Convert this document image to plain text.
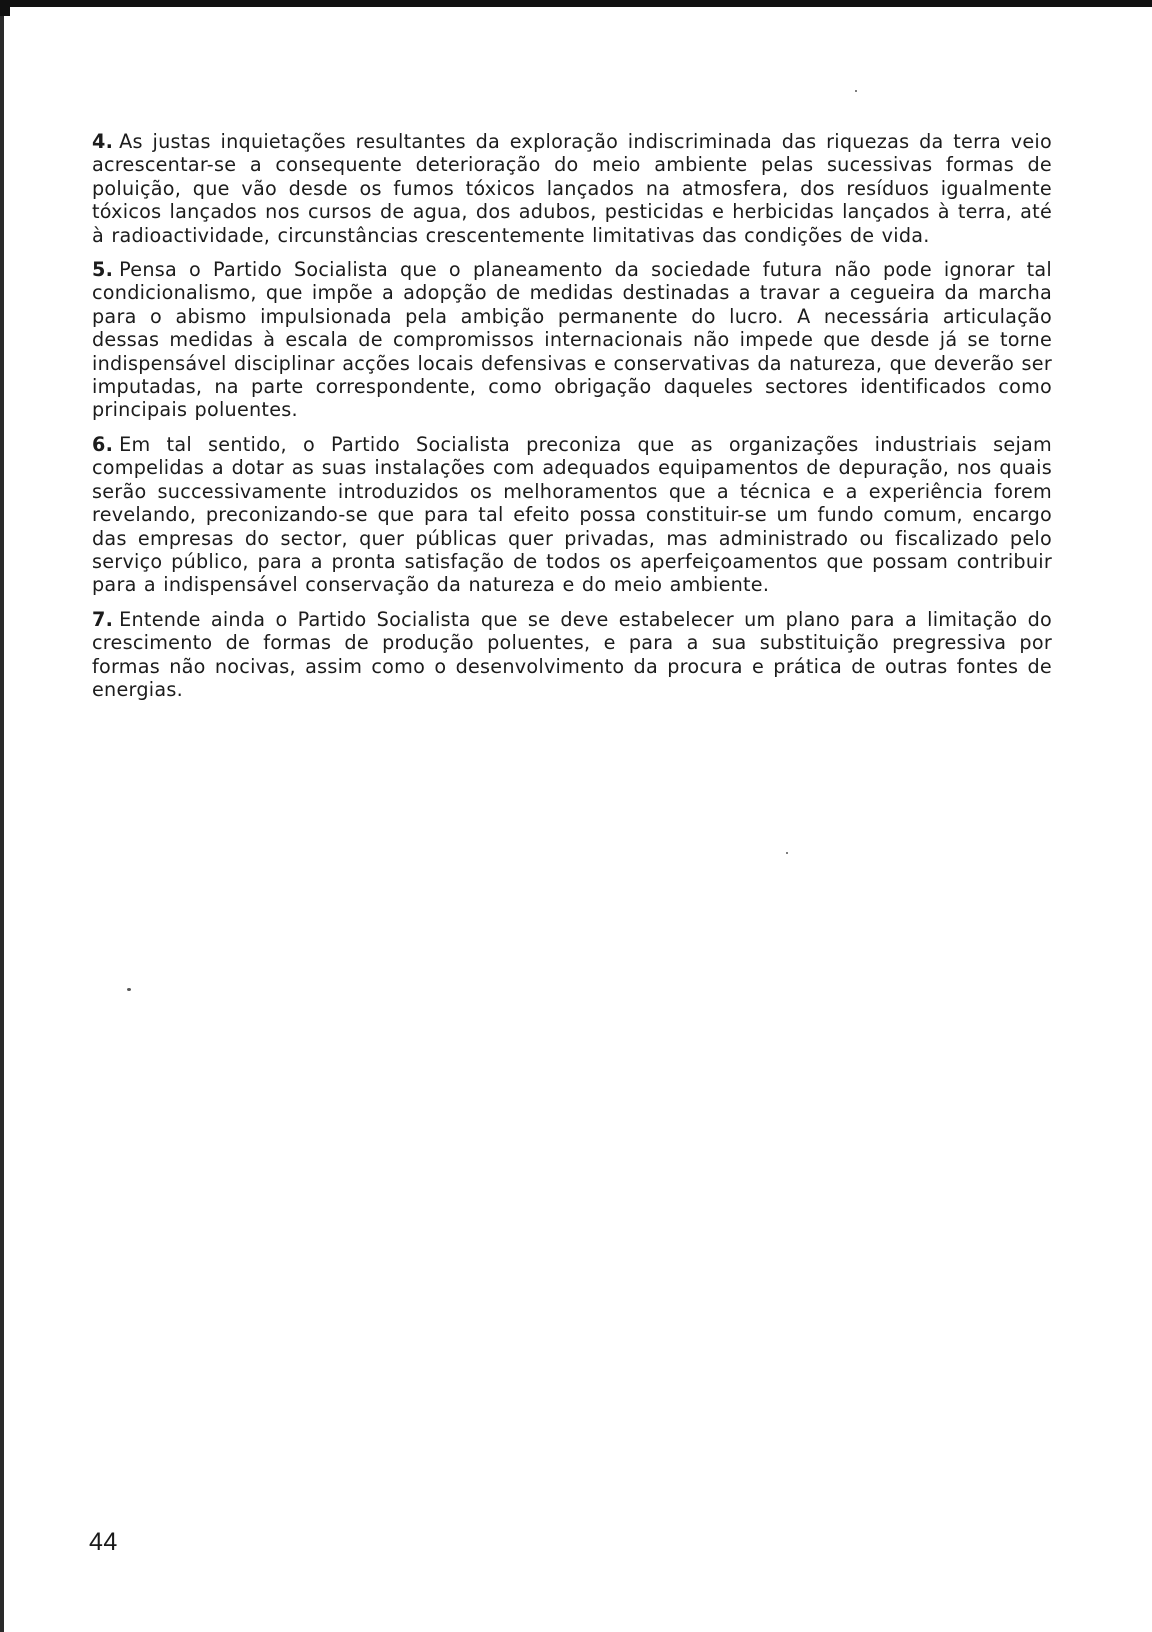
4. As justas inquietações resultantes da exploração indiscriminada das riquezas da terra veio acrescentar-se a consequente deterioração do meio ambiente pelas sucessivas formas de poluição, que vão desde os fumos tóxicos lançados na atmosfera, dos resíduos igualmente tóxicos lançados nos cursos de agua, dos adubos, pesticidas e herbicidas lançados à terra, até à radioactividade, circunstâncias crescentemente limitativas das condições de vida.

5. Pensa o Partido Socialista que o planeamento da sociedade futura não pode ignorar tal condicionalismo, que impõe a adopção de medidas destinadas a travar a cegueira da marcha para o abismo impulsionada pela ambição permanente do lucro. A necessária articulação dessas medidas à escala de compromissos internacionais não impede que desde já se torne indispensável disciplinar acções locais defensivas e conservativas da natureza, que deverão ser imputadas, na parte correspondente, como obrigação daqueles sectores identificados como principais poluentes.

6. Em tal sentido, o Partido Socialista preconiza que as organizações industriais sejam compelidas a dotar as suas instalações com adequados equipamentos de depuração, nos quais serão successivamente introduzidos os melhoramentos que a técnica e a experiência forem revelando, preconizando-se que para tal efeito possa constituir-se um fundo comum, encargo das empresas do sector, quer públicas quer privadas, mas administrado ou fiscalizado pelo serviço público, para a pronta satisfação de todos os aperfeiçoamentos que possam contribuir para a indispensável conservação da natureza e do meio ambiente.

7. Entende ainda o Partido Socialista que se deve estabelecer um plano para a limitação do crescimento de formas de produção poluentes, e para a sua substituição pregressiva por formas não nocivas, assim como o desenvolvimento da procura e prática de outras fontes de energias.

44
